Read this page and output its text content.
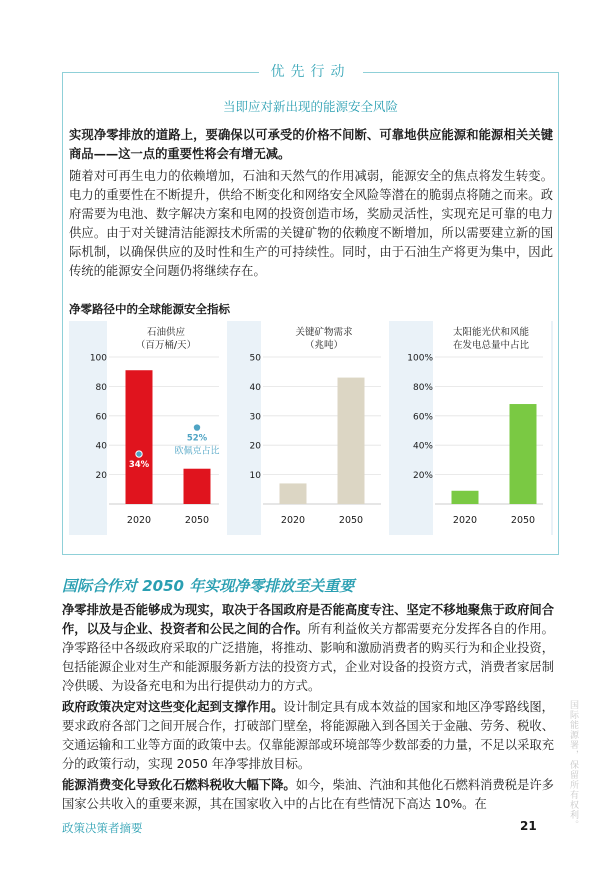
优先行动
当即应对新出现的能源安全风险

实现净零排放的道路上，要确保以可承受的价格不间断、可靠地供应能源和能源相关关键商品——这一点的重要性将会有增无减。

随着对可再生电力的依赖增加，石油和天然气的作用减弱，能源安全的焦点将发生转变。电力的重要性在不断提升，供给不断变化和网络安全风险等潜在的脆弱点将随之而来。政府需要为电池、数字解决方案和电网的投资创造市场，奖励灵活性，实现充足可靠的电力供应。由于对关键清洁能源技术所需的关键矿物的依赖度不断增加，所以需要建立新的国际机制，以确保供应的及时性和生产的可持续性。同时，由于石油生产将更为集中，因此传统的能源安全问题仍将继续存在。

净零路径中的全球能源安全指标
石油供应
（百万桶/天）
100
80
60
40
20
2020	2050
34%
52%
欧佩克占比
关键矿物需求
（兆吨）
50
40
30
20
10
2020	2050
太阳能光伏和风能
在发电总量中占比
100%
80%
60%
40%
20%
2020	2050
国际合作对 2050 年实现净零排放至关重要

净零排放是否能够成为现实，取决于各国政府是否能高度专注、坚定不移地聚焦于政府间合作，以及与企业、投资者和公民之间的合作。所有利益攸关方都需要充分发挥各自的作用。净零路径中各级政府采取的广泛措施，将推动、影响和激励消费者的购买行为和企业投资，包括能源企业对生产和能源服务新方法的投资方式，企业对设备的投资方式，消费者家居制冷供暖、为设备充电和为出行提供动力的方式。

政府政策决定对这些变化起到支撑作用。设计制定具有成本效益的国家和地区净零路线图，要求政府各部门之间开展合作，打破部门壁垒，将能源融入到各国关于金融、劳务、税收、交通运输和工业等方面的政策中去。仅靠能源部或环境部等少数部委的力量，不足以采取充分的政策行动，实现 2050 年净零排放目标。

能源消费变化导致化石燃料税收大幅下降。如今，柴油、汽油和其他化石燃料消费税是许多国家公共收入的重要来源，其在国家收入中的占比在有些情况下高达 10%。在

政策决策者摘要	21	国际能源署，保留所有权利。
